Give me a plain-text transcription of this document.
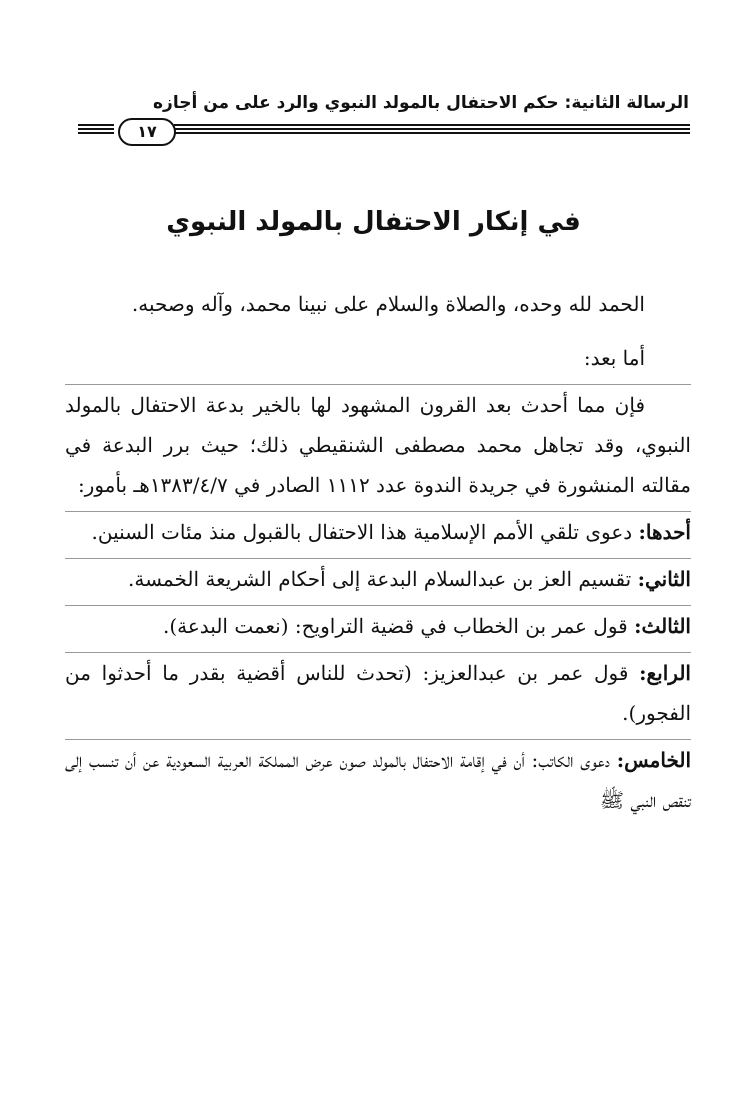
الرسالة الثانية: حكم الاحتفال بالمولد النبوي والرد على من أجازه
١٧
في إنكار الاحتفال بالمولد النبوي

الحمد لله وحده، والصلاة والسلام على نبينا محمد، وآله وصحبه.

أما بعد:

فإن مما أحدث بعد القرون المشهود لها بالخير بدعة الاحتفال بالمولد النبوي، وقد تجاهل محمد مصطفى الشنقيطي ذلك؛ حيث برر البدعة في مقالته المنشورة في جريدة الندوة عدد ١١١٢ الصادر في ١٣٨٣/٤/٧هـ بأمور:

أحدها: دعوى تلقي الأمم الإسلامية هذا الاحتفال بالقبول منذ مئات السنين.

الثاني: تقسيم العز بن عبدالسلام البدعة إلى أحكام الشريعة الخمسة.

الثالث: قول عمر بن الخطاب في قضية التراويح: (نعمت البدعة).

الرابع: قول عمر بن عبدالعزيز: (تحدث للناس أقضية بقدر ما أحدثوا من الفجور).

الخامس: دعوى الكاتب: أن في إقامة الاحتفال بالمولد صون عرض المملكة العربية السعودية عن أن تنسب إلى تنقص النبي ﷺ
